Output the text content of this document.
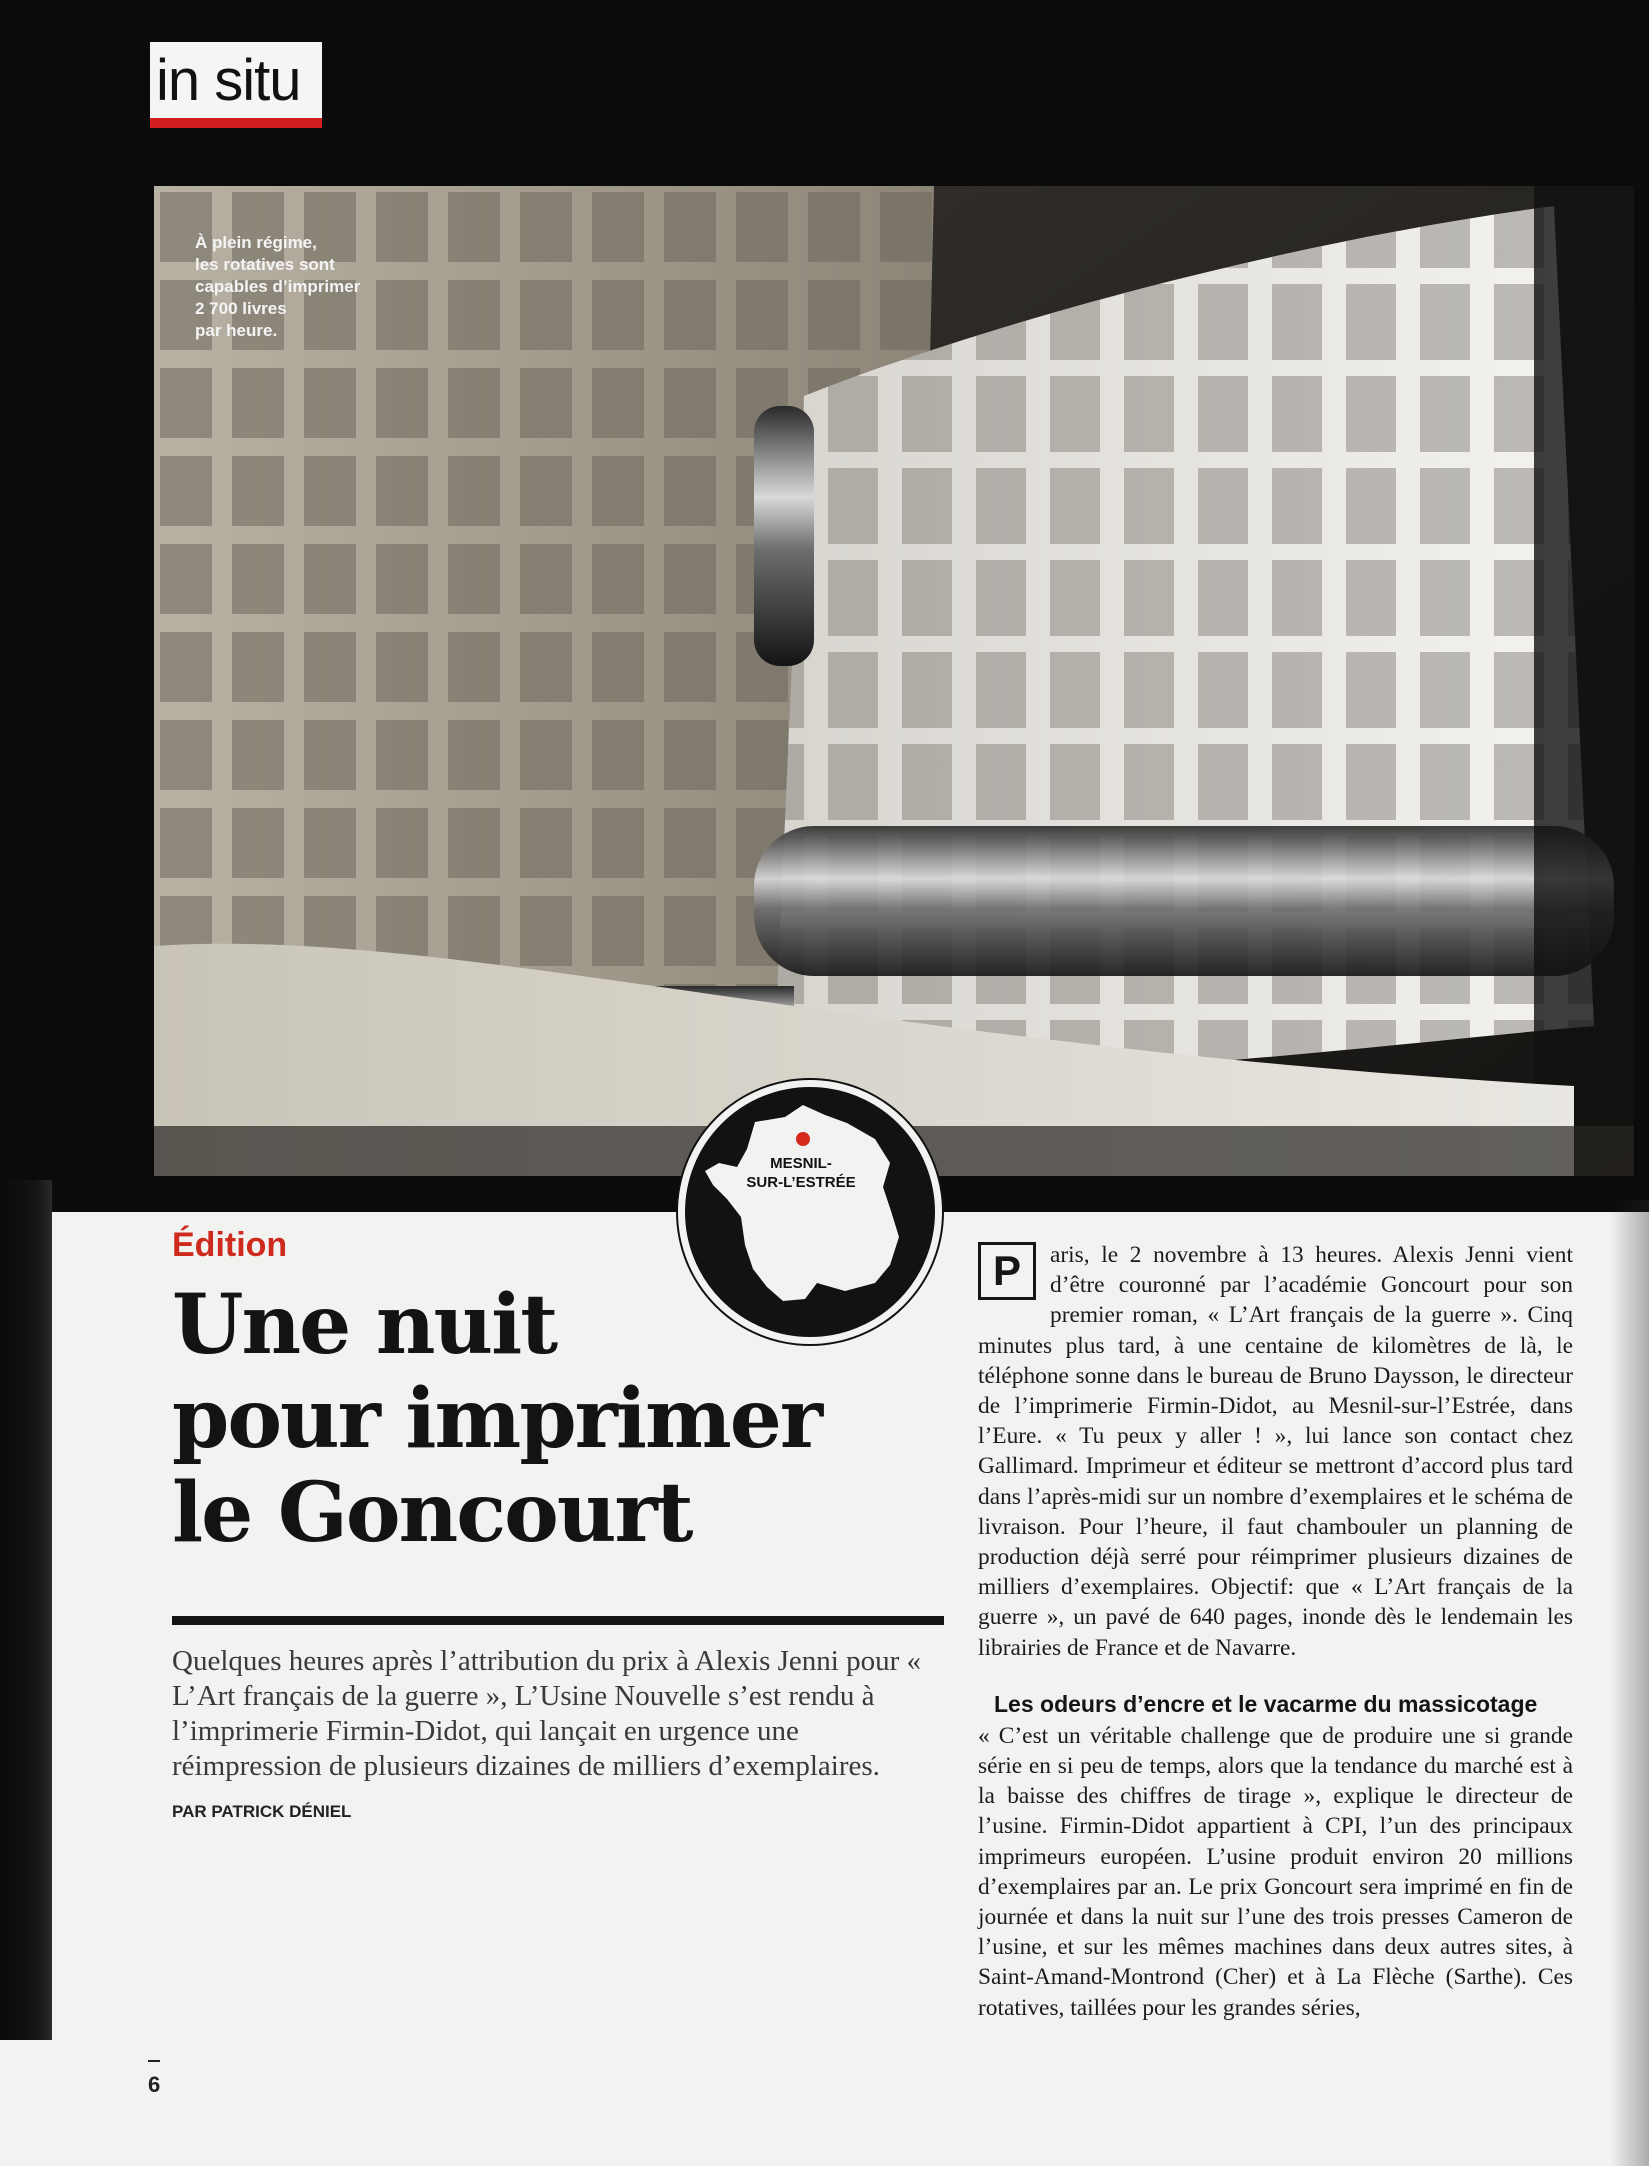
in situ
À plein régime,
les rotatives sont
capables d’imprimer
2 700 livres
par heure.
MESNIL-
SUR-L’ESTRÉE
Édition
Une nuit
pour imprimer
le Goncourt

Quelques heures après l’attribution du prix à Alexis Jenni pour « L’Art français de la guerre », L’Usine Nouvelle s’est rendu à l’imprimerie Firmin-Didot, qui lançait en urgence une réimpression de plusieurs dizaines de milliers d’exemplaires.

PAR PATRICK DÉNIEL

P	aris, le 2 novembre à 13 heures. Alexis Jenni vient d’être couronné par l’académie Goncourt pour son premier roman, « L’Art français de la guerre ». Cinq minutes plus tard, à une centaine de kilomètres de là, le téléphone sonne dans le bureau de Bruno Daysson, le directeur de l’imprimerie Firmin-Didot, au Mesnil-sur-l’Estrée, dans l’Eure. « Tu peux y aller ! », lui lance son contact chez Gallimard. Imprimeur et éditeur se mettront d’accord plus tard dans l’après-midi sur un nombre d’exemplaires et le schéma de livraison. Pour l’heure, il faut chambouler un planning de production déjà serré pour réimprimer plusieurs dizaines de milliers d’exemplaires. Objectif: que « L’Art français de la guerre », un pavé de 640 pages, inonde dès le lendemain les librairies de France et de Navarre.

Les odeurs d’encre et le vacarme du massicotage

« C’est un véritable challenge que de produire une si grande série en si peu de temps, alors que la tendance du marché est à la baisse des chiffres de tirage », explique le directeur de l’usine. Firmin-Didot appartient à CPI, l’un des principaux imprimeurs européen. L’usine produit environ 20 millions d’exemplaires par an. Le prix Goncourt sera imprimé en fin de journée et dans la nuit sur l’une des trois presses Cameron de l’usine, et sur les mêmes machines dans deux autres sites, à Saint-Amand-Montrond (Cher) et à La Flèche (Sarthe). Ces rotatives, taillées pour les grandes séries,

6
